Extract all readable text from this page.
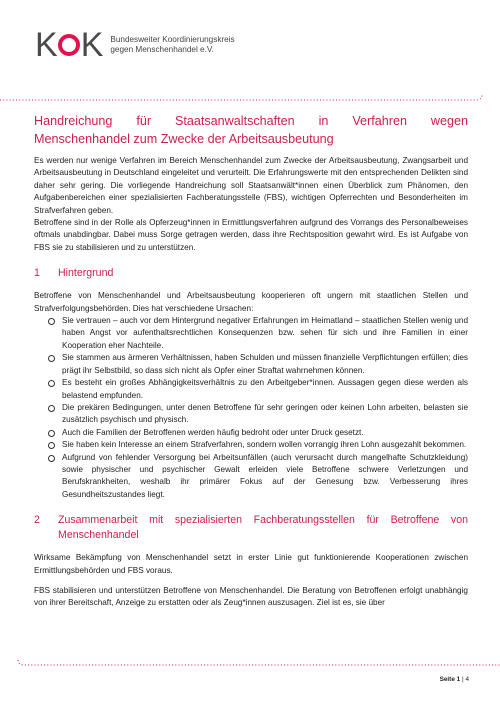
K K Bundesweiter Koordinierungskreis
gegen Menschenhandel e.V.
Handreichung für Staatsanwaltschaften in Verfahren wegen
Menschenhandel zum Zwecke der Arbeitsausbeutung

Es werden nur wenige Verfahren im Bereich Menschenhandel zum Zwecke der Arbeitsausbeutung, Zwangsarbeit und Arbeitsausbeutung in Deutschland eingeleitet und verurteilt. Die Erfahrungswerte mit den entsprechenden Delikten sind daher sehr gering. Die vorliegende Handreichung soll Staatsanwält*innen einen Überblick zum Phänomen, den Aufgabenbereichen einer spezialisierten Fachberatungsstelle (FBS), wichtigen Opferrechten und Besonderheiten im Strafverfahren geben.

Betroffene sind in der Rolle als Opferzeug*innen in Ermittlungsverfahren aufgrund des Vorrangs des Personalbeweises oftmals unabdingbar. Dabei muss Sorge getragen werden, dass ihre Rechtsposition gewahrt wird. Es ist Aufgabe von FBS sie zu stabilisieren und zu unterstützen.

1	Hintergrund

Betroffene von Menschenhandel und Arbeitsausbeutung kooperieren oft ungern mit staatlichen Stellen und Strafverfolgungsbehörden. Dies hat verschiedene Ursachen:

Sie vertrauen – auch vor dem Hintergrund negativer Erfahrungen im Heimatland – staatlichen Stellen wenig und haben Angst vor aufenthaltsrechtlichen Konsequenzen bzw. sehen für sich und ihre Familien in einer Kooperation eher Nachteile.
Sie stammen aus ärmeren Verhältnissen, haben Schulden und müssen finanzielle Verpflichtungen erfüllen; dies prägt ihr Selbstbild, so dass sich nicht als Opfer einer Straftat wahrnehmen können.
Es besteht ein großes Abhängigkeitsverhältnis zu den Arbeitgeber*innen. Aussagen gegen diese werden als belastend empfunden.
Die prekären Bedingungen, unter denen Betroffene für sehr geringen oder keinen Lohn arbeiten, belasten sie zusätzlich psychisch und physisch.
Auch die Familien der Betroffenen werden häufig bedroht oder unter Druck gesetzt.
Sie haben kein Interesse an einem Strafverfahren, sondern wollen vorrangig ihren Lohn ausgezahlt bekommen.
Aufgrund von fehlender Versorgung bei Arbeitsunfällen (auch verursacht durch mangelhafte Schutzkleidung) sowie physischer und psychischer Gewalt erleiden viele Betroffene schwere Verletzungen und Berufskrankheiten, weshalb ihr primärer Fokus auf der Genesung bzw. Verbesserung ihres Gesundheitszustandes liegt.
2	Zusammenarbeit mit spezialisierten Fachberatungsstellen für Betroffene von Menschenhandel

Wirksame Bekämpfung von Menschenhandel setzt in erster Linie gut funktionierende Kooperationen zwischen Ermittlungsbehörden und FBS voraus.

FBS stabilisieren und unterstützen Betroffene von Menschenhandel. Die Beratung von Betroffenen erfolgt unabhängig von ihrer Bereitschaft, Anzeige zu erstatten oder als Zeug*innen auszusagen. Ziel ist es, sie über

Seite 1 | 4
